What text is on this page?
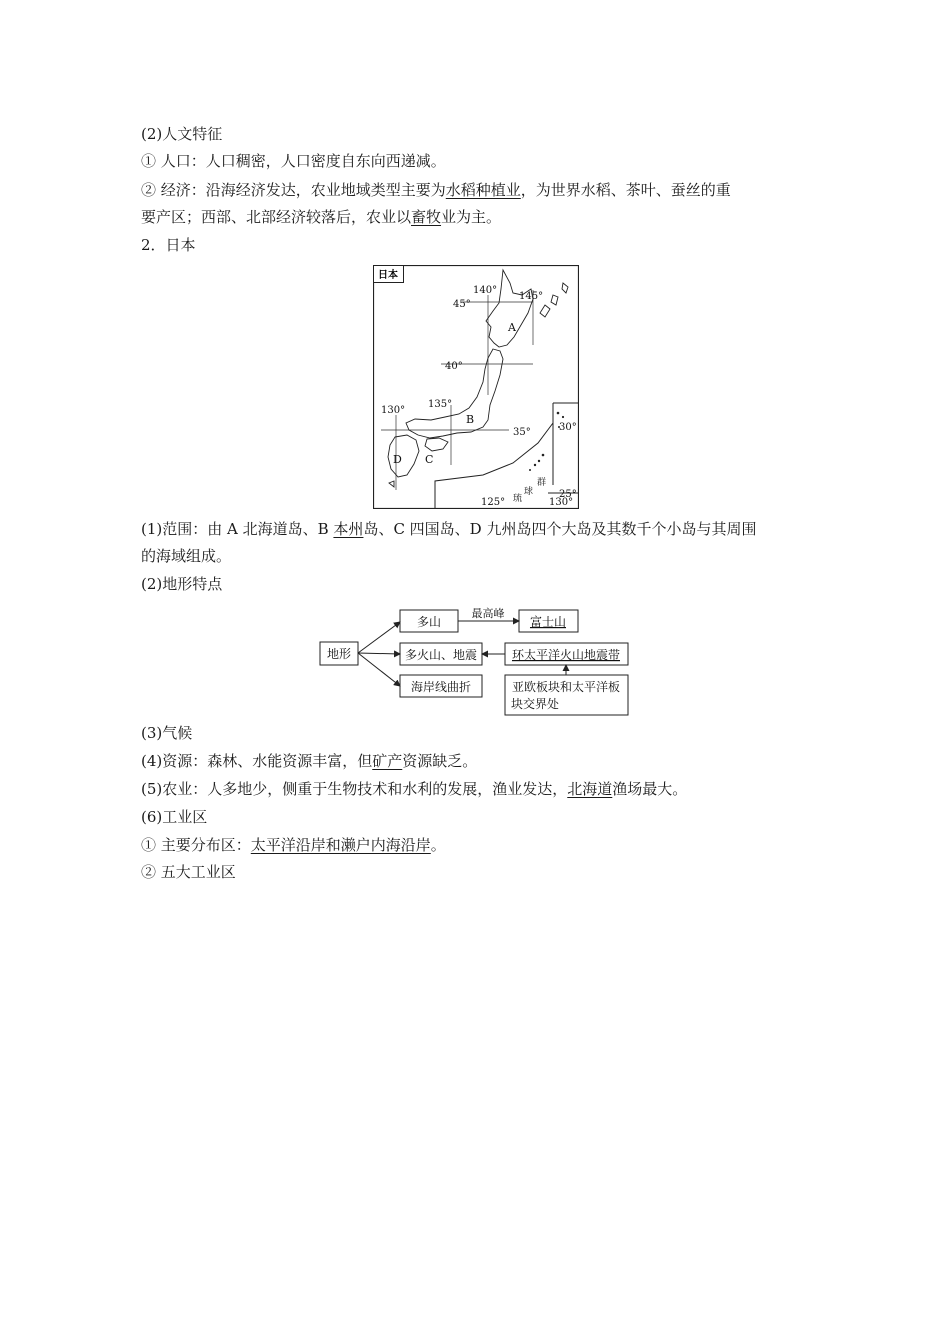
(2)人文特征
① 人口：人口稠密，人口密度自东向西递减。
② 经济：沿海经济发达，农业地域类型主要为水稻种植业，为世界水稻、茶叶、蚕丝的重
要产区；西部、北部经济较落后，农业以畜牧业为主。
2．日本
日本
140°
145°
45°
40°
130°
135°
35°	30°
25°
125°	130°
A
B
C
D
琉
球
群
(1)范围：由 A 北海道岛、B 本州岛、C 四国岛、D 九州岛四个大岛及其数千个小岛与其周围
的海域组成。
(2)地形特点
地形
多山
最高峰
富士山
多火山、地震	环太平洋火山地震带
海岸线曲折	亚欧板块和太平洋板
块交界处
(3)气候
(4)资源：森林、水能资源丰富，但矿产资源缺乏。
(5)农业：人多地少，侧重于生物技术和水利的发展，渔业发达，北海道渔场最大。
(6)工业区
① 主要分布区：太平洋沿岸和濑户内海沿岸。
② 五大工业区
